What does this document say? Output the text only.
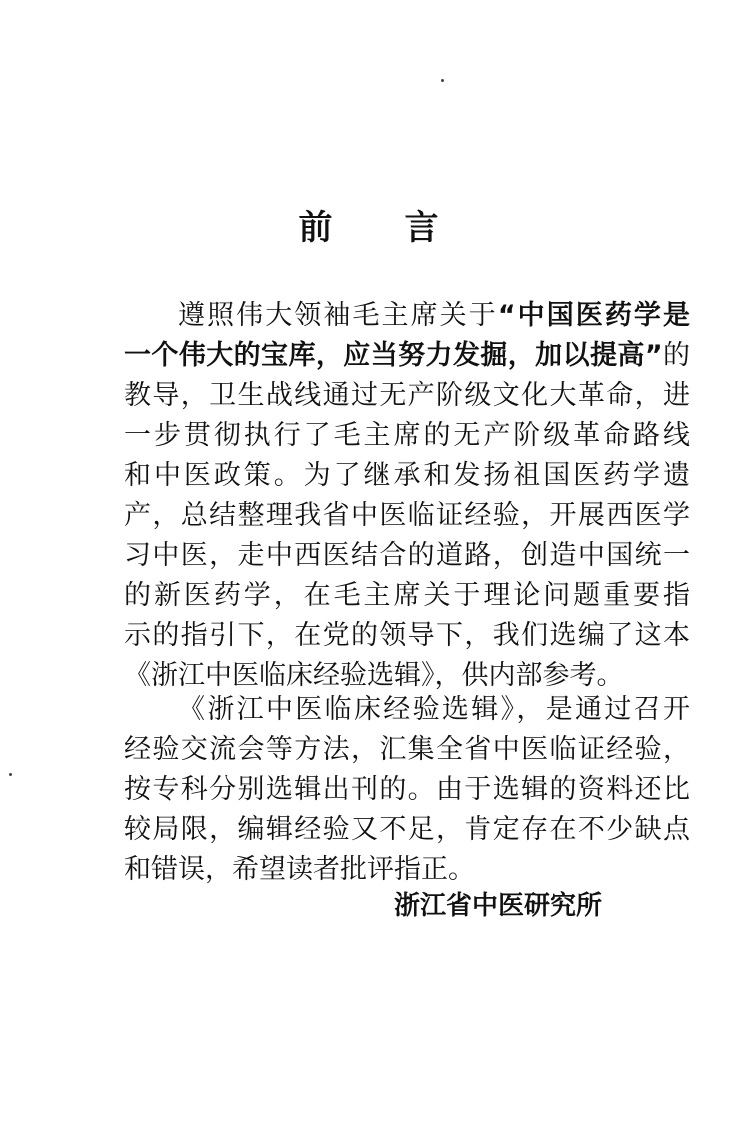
前 言
遵照伟大领袖毛主席关于“中国医药学是
一个伟大的宝库，应当努力发掘，加以提高”的
教导，卫生战线通过无产阶级文化大革命，进
一步贯彻执行了毛主席的无产阶级革命路线
和中医政策。为了继承和发扬祖国医药学遗
产，总结整理我省中医临证经验，开展西医学
习中医，走中西医结合的道路，创造中国统一
的新医药学，在毛主席关于理论问题重要指
示的指引下，在党的领导下，我们选编了这本
《浙江中医临床经验选辑》，供内部参考。
《浙江中医临床经验选辑》，是通过召开
经验交流会等方法，汇集全省中医临证经验，
按专科分别选辑出刊的。由于选辑的资料还比
较局限，编辑经验又不足，肯定存在不少缺点
和错误，希望读者批评指正。
浙江省中医研究所
